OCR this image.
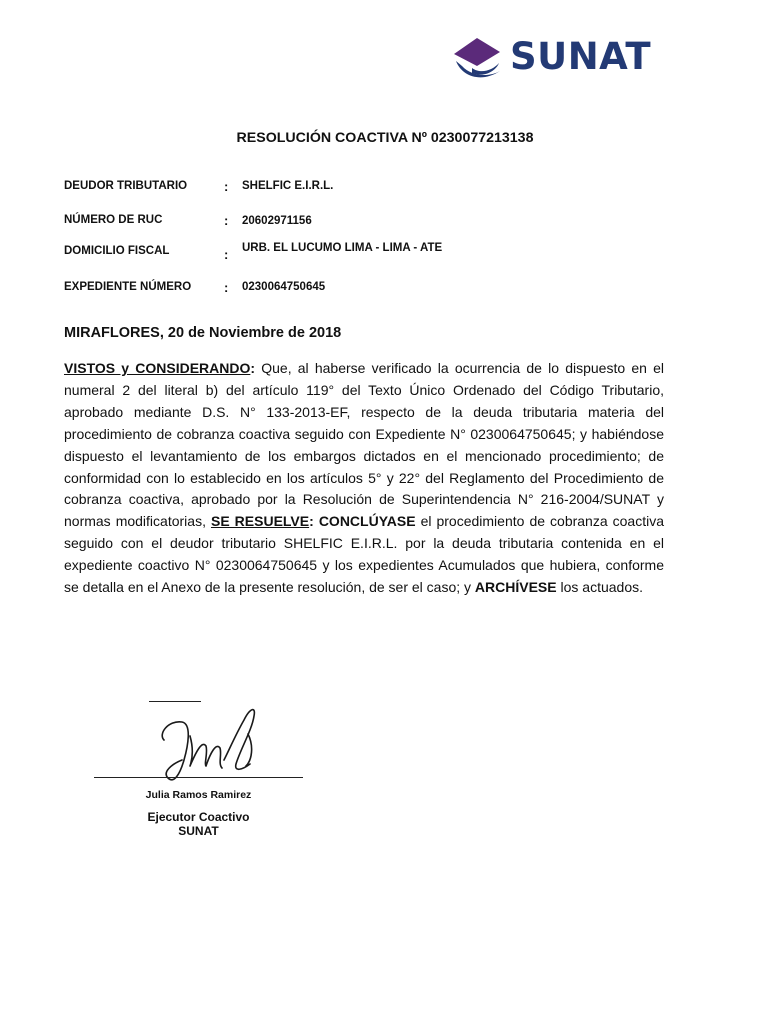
SUNAT
RESOLUCIÓN COACTIVA Nº 0230077213138
DEUDOR TRIBUTARIO	: SHELFIC E.I.R.L.
NÚMERO DE RUC	: 20602971156
DOMICILIO FISCAL	: URB. EL LUCUMO LIMA - LIMA - ATE
EXPEDIENTE NÚMERO	: 0230064750645
MIRAFLORES, 20 de Noviembre de 2018

VISTOS y CONSIDERANDO: Que, al haberse verificado la ocurrencia de lo dispuesto en el numeral 2 del literal b) del artículo 119° del Texto Único Ordenado del Código Tributario, aprobado mediante D.S. N° 133-2013-EF, respecto de la deuda tributaria materia del procedimiento de cobranza coactiva seguido con Expediente N° 0230064750645; y habiéndose dispuesto el levantamiento de los embargos dictados en el mencionado procedimiento; de conformidad con lo establecido en los artículos 5° y 22° del Reglamento del Procedimiento de cobranza coactiva, aprobado por la Resolución de Superintendencia N° 216-2004/SUNAT y normas modificatorias, SE RESUELVE: CONCLÚYASE el procedimiento de cobranza coactiva seguido con el deudor tributario SHELFIC E.I.R.L. por la deuda tributaria contenida en el expediente coactivo N° 0230064750645 y los expedientes Acumulados que hubiera, conforme se detalla en el Anexo de la presente resolución, de ser el caso; y ARCHÍVESE los actuados.

Julia Ramos Ramirez
Ejecutor Coactivo
SUNAT
